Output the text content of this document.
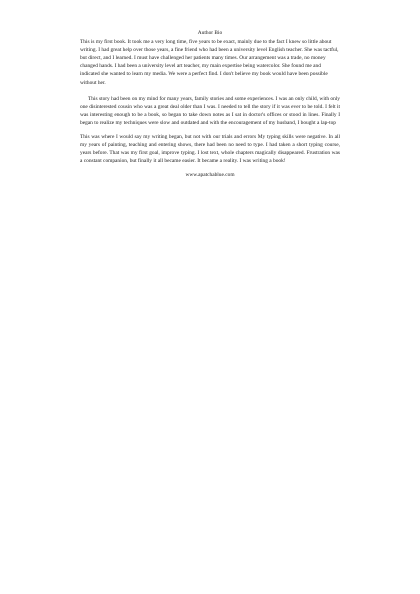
Author Bio

This is my first book. It took me a very long time, five years to be exact, mainly due to the fact I knew so little about writing. I had great help over those years, a fine friend who had been a university level English teacher. She was tactful, but direct, and I learned. I must have challenged her patients many times. Our arrangement was a trade, no money changed hands. I had been a university level art teacher, my main expertise being watercolor. She found me and indicated she wanted to learn my media. We were a perfect find. I don't believe my book would have been possible without her.

This story had been on my mind for many years, family stories and some experiences. I was an only child, with only one disinterested cousin who was a great deal older than I was. I needed to tell the story if it was ever to be told. I felt it was interesting enough to be a book, so began to take down notes as I sat in doctor's offices or stood in lines. Finally I began to realize my techniques were slow and outdated and with the encouragement of my husband, I bought a lap-top

This was where I would say my writing began, but not with our trials and errors My typing skills were negative. In all my years of painting, teaching and entering shows, there had been no need to type. I had taken a short typing course, years before. That was my first goal, improve typing. I lost text, whole chapters magically disappeared. Frustration was a constant companion, but finally it all became easier. It became a reality. I was writing a book!

www.apatchablue.com
